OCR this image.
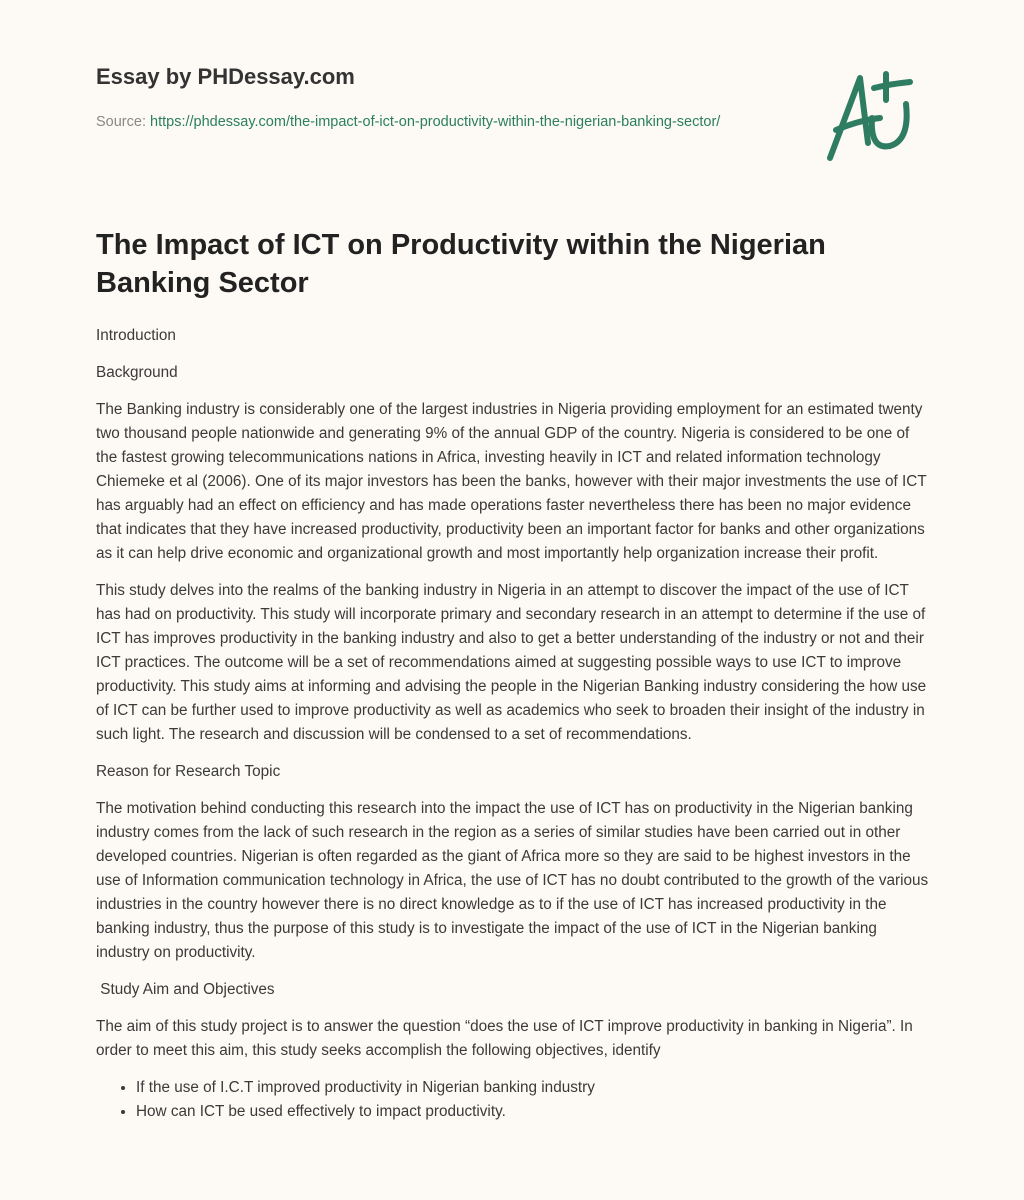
Essay by PHDessay.com
Source: https://phdessay.com/the-impact-of-ict-on-productivity-within-the-nigerian-banking-sector/
The Impact of ICT on Productivity within the Nigerian Banking Sector

Introduction

Background

The Banking industry is considerably one of the largest industries in Nigeria providing employment for an estimated twenty two thousand people nationwide and generating 9% of the annual GDP of the country. Nigeria is considered to be one of the fastest growing telecommunications nations in Africa, investing heavily in ICT and related information technology Chiemeke et al (2006). One of its major investors has been the banks, however with their major investments the use of ICT has arguably had an effect on efficiency and has made operations faster nevertheless there has been no major evidence that indicates that they have increased productivity, productivity been an important factor for banks and other organizations as it can help drive economic and organizational growth and most importantly help organization increase their profit.

This study delves into the realms of the banking industry in Nigeria in an attempt to discover the impact of the use of ICT has had on productivity. This study will incorporate primary and secondary research in an attempt to determine if the use of ICT has improves productivity in the banking industry and also to get a better understanding of the industry or not and their ICT practices. The outcome will be a set of recommendations aimed at suggesting possible ways to use ICT to improve productivity. This study aims at informing and advising the people in the Nigerian Banking industry considering the how use of ICT can be further used to improve productivity as well as academics who seek to broaden their insight of the industry in such light. The research and discussion will be condensed to a set of recommendations.

Reason for Research Topic

The motivation behind conducting this research into the impact the use of ICT has on productivity in the Nigerian banking industry comes from the lack of such research in the region as a series of similar studies have been carried out in other developed countries. Nigerian is often regarded as the giant of Africa more so they are said to be highest investors in the use of Information communication technology in Africa, the use of ICT has no doubt contributed to the growth of the various industries in the country however there is no direct knowledge as to if the use of ICT has increased productivity in the banking industry, thus the purpose of this study is to investigate the impact of the use of ICT in the Nigerian banking industry on productivity.

Study Aim and Objectives

The aim of this study project is to answer the question “does the use of ICT improve productivity in banking in Nigeria”. In order to meet this aim, this study seeks accomplish the following objectives, identify

• If the use of I.C.T improved productivity in Nigerian banking industry
• How can ICT be used effectively to impact productivity.
